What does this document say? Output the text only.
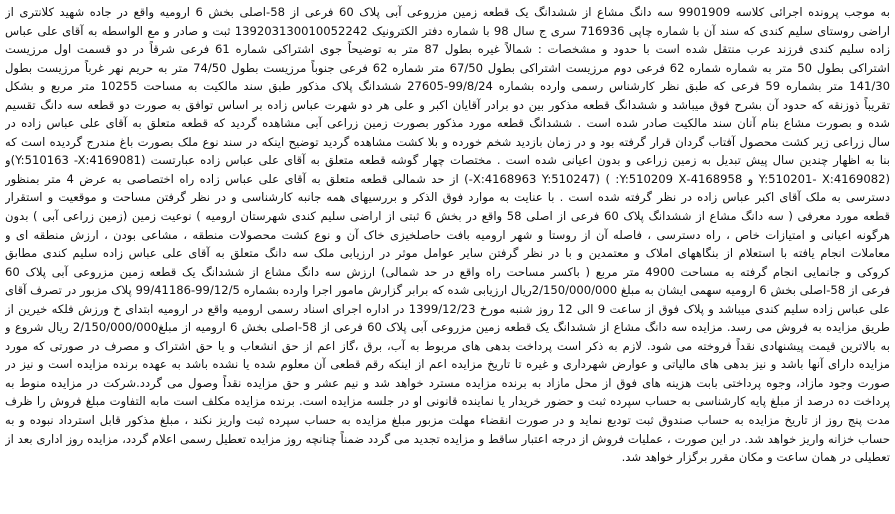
به موجب پرونده اجرائی کلاسه 9901909 سه دانگ مشاع از ششدانگ یک قطعه زمین مزروعی آبی پلاک 60 فرعی از 58-اصلی بخش 6 ارومیه واقع در جاده شهید کلانتری از
اراضی روستای سلیم کندی که سند آن با شماره چاپی 716936 سری ج سال 98 با شماره دفتر الکترونیک 139203130010052242 ثبت و صادر و مع الواسطه به آقای علی عباس
زاده سلیم کندی فرزند عرب منتقل شده است با حدود و مشخصات : شمالاً غیره بطول 87 متر به توضیحاً جوی اشتراکی شماره 61 فرعی شرقاً در دو قسمت اول مرزیست
اشتراکی بطول 50 متر به شماره شماره 62 فرعی دوم مرزیست اشتراکی بطول 67/50 متر شماره 62 فرعی جنوباً مرزیست بطول 74/50 متر به حریم نهر غرباً مرزیست بطول
141/30 متر بشماره 59 فرعی که طبق نظر کارشناس رسمی وارده بشماره 99/8/24-27605 ششدانگ پلاک مذکور طبق سند مالکیت به مساحت 10255 متر مربع و بشکل
تقریباً ذوزنقه که حدود آن بشرح فوق میباشد و ششدانگ قطعه مذکور بین دو برادر آقایان اکبر و علی هر دو شهرت عباس زاده بر اساس توافق به صورت دو قطعه سه دانگ تقسیم
شده و بصورت مشاع بنام آنان سند مالکیت صادر شده است . ششدانگ قطعه مورد مذکور بصورت زمین زراعی آبی مشاهده گردید که قطعه متعلق به آقای علی عباس زاده در
سال زراعی زیر کشت محصول آفتاب گردان قرار گرفته بود و در زمان بازدید شخم خورده و بلا کشت مشاهده گردید توضیح اینکه در سند نوع ملک بصورت باغ مندرج گردیده است که
بنا به اظهار چندین سال پیش تبدیل به زمین زراعی و بدون اعیانی شده است . مختصات چهار گوشه قطعه متعلق به آقای علی عباس زاده عبارتست (Y:510163 -X:4169081)و
(Y:510201- X:4169082 و 4168958-Y:510209 X: ) (X:4168963 Y:510247-) از حد شمالی قطعه متعلق به آقای علی عباس زاده راه اختصاصی به عرض 4 متر بمنظور
دسترسی به ملک آقای اکبر عباس زاده در نظر گرفته شده است . با عنایت به موارد فوق الذکر و بررسیهای همه جانبه کارشناسی و در نظر گرفتن مساحت و موقعیت و استقرار
قطعه مورد معرفی ( سه دانگ مشاع از ششدانگ پلاک 60 فرعی از اصلی 58 واقع در بخش 6 ثبتی از اراضی سلیم کندی شهرستان ارومیه ) نوعیت زمین (زمین زراعی آبی ) بدون
هرگونه اعیانی و امتیازات خاص ، راه دسترسی ، فاصله آن از روستا و شهر ارومیه بافت حاصلخیزی خاک آن و نوع کشت محصولات منطقه ، مشاعی بودن ، ارزش منطقه ای و
معاملات انجام یافته با استعلام از بنگاههای املاک و معتمدین و با در نظر گرفتن سایر عوامل موثر در ارزیابی ملک سه دانگ متعلق به آقای علی عباس زاده سلیم کندی مطابق
کروکی و جانمایی انجام گرفته به مساحت 4900 متر مربع ( باکسر مساحت راه واقع در حد شمالی) ارزش سه دانگ مشاع از ششدانگ یک قطعه زمین مزروعی آبی پلاک 60
فرعی از 58-اصلی بخش 6 ارومیه سهمی ایشان به مبلغ 2/150/000/000ریال ارزیابی شده که برابر گزارش مامور اجرا وارده بشماره 99/12/5-99/41186 پلاک مزبور در تصرف آقای
علی عباس زاده سلیم کندی میباشد و پلاک فوق از ساعت 9 الی 12 روز شنبه مورخ 1399/12/23 در اداره اجرای اسناد رسمی ارومیه واقع در ارومیه ابتدای خ ورزش فلکه خیرین از
طریق مزایده به فروش می رسد. مزایده سه دانگ مشاع از ششدانگ یک قطعه زمین مزروعی آبی پلاک 60 فرعی از 58-اصلی بخش 6 ارومیه از مبلغ2/150/000/000 ریال شروع و
به بالاترین قیمت پیشنهادی نقداً فروخته می شود. لازم به ذکر است پرداخت بدهی های مربوط به آب، برق ،گاز اعم از حق انشعاب و یا حق اشتراک و مصرف در صورتی که مورد
مزایده دارای آنها باشد و نیز بدهی های مالیاتی و عوارض شهرداری و غیره تا تاریخ مزایده اعم از اینکه رقم قطعی آن معلوم شده یا نشده باشد به عهده برنده مزایده است و نیز در
صورت وجود مازاد، وجوه پرداختی بابت هزینه های فوق از محل مازاد به برنده مزایده مسترد خواهد شد و نیم عشر و حق مزایده نقداً وصول می گردد.شرکت در مزایده منوط به
پرداخت ده درصد از مبلغ پایه کارشناسی به حساب سپرده ثبت و حضور خریدار یا نماینده قانونی او در جلسه مزایده است. برنده مزایده مکلف است مابه التفاوت مبلغ فروش را ظرف
مدت پنج روز از تاریخ مزایده به حساب صندوق ثبت تودیع نماید و در صورت انقضاء مهلت مزبور مبلغ مزایده به حساب سپرده ثبت واریز نکند ، مبلغ مذکور قابل استرداد نبوده و به
حساب خزانه واریز خواهد شد. در این صورت ، عملیات فروش از درجه اعتبار ساقط و مزایده تجدید می گردد ضمناً چنانچه روز مزایده تعطیل رسمی اعلام گردد، مزایده روز اداری بعد از
تعطیلی در همان ساعت و مکان مقرر برگزار خواهد شد.
